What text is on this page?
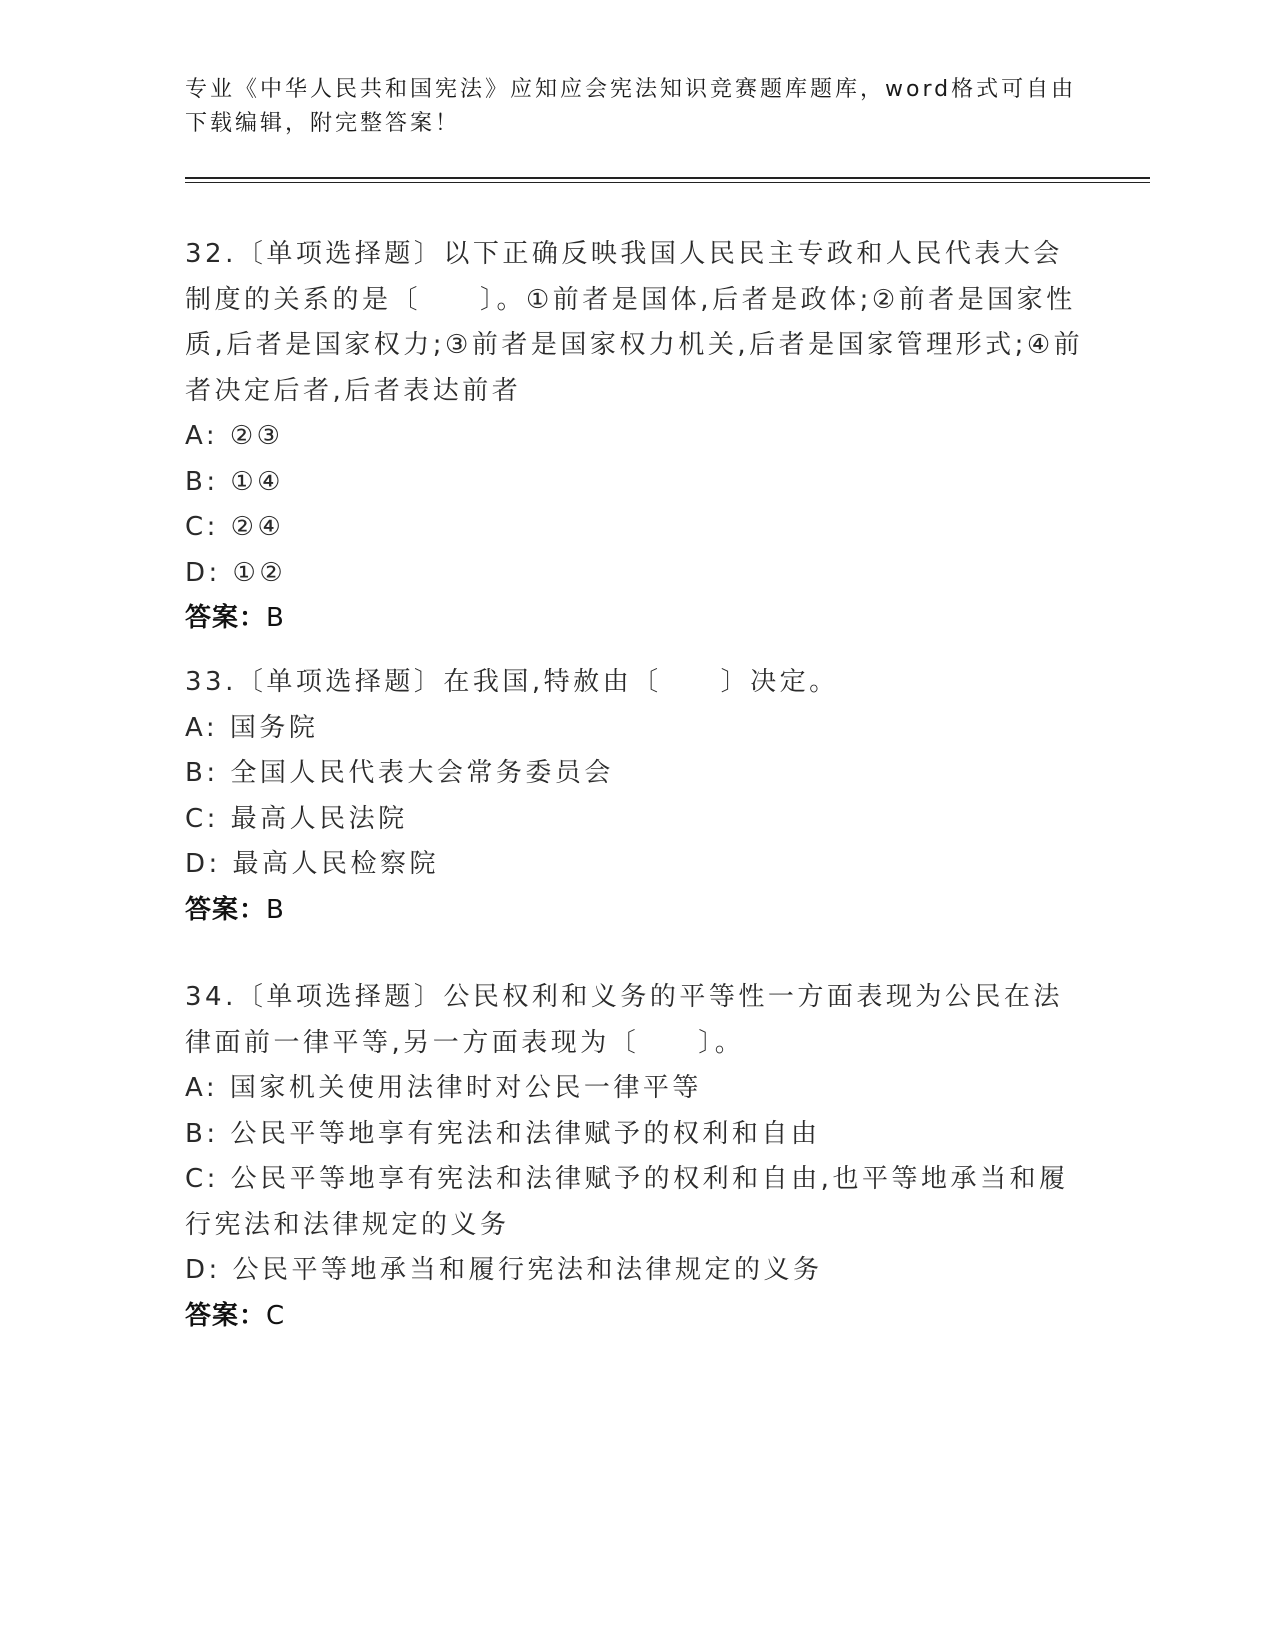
专业《中华人民共和国宪法》应知应会宪法知识竞赛题库题库，word格式可自由下载编辑，附完整答案！

32.〔单项选择题〕以下正确反映我国人民民主专政和人民代表大会制度的关系的是〔　　〕。①前者是国体,后者是政体;②前者是国家性质,后者是国家权力;③前者是国家权力机关,后者是国家管理形式;④前者决定后者,后者表达前者

A: ②③

B: ①④

C: ②④

D: ①②

答案：B

33.〔单项选择题〕在我国,特赦由〔　　〕决定。

A: 国务院

B: 全国人民代表大会常务委员会

C: 最高人民法院

D: 最高人民检察院

答案：B

34.〔单项选择题〕公民权利和义务的平等性一方面表现为公民在法律面前一律平等,另一方面表现为〔　　〕。

A: 国家机关使用法律时对公民一律平等

B: 公民平等地享有宪法和法律赋予的权利和自由

C: 公民平等地享有宪法和法律赋予的权利和自由,也平等地承当和履行宪法和法律规定的义务

D: 公民平等地承当和履行宪法和法律规定的义务

答案：C
